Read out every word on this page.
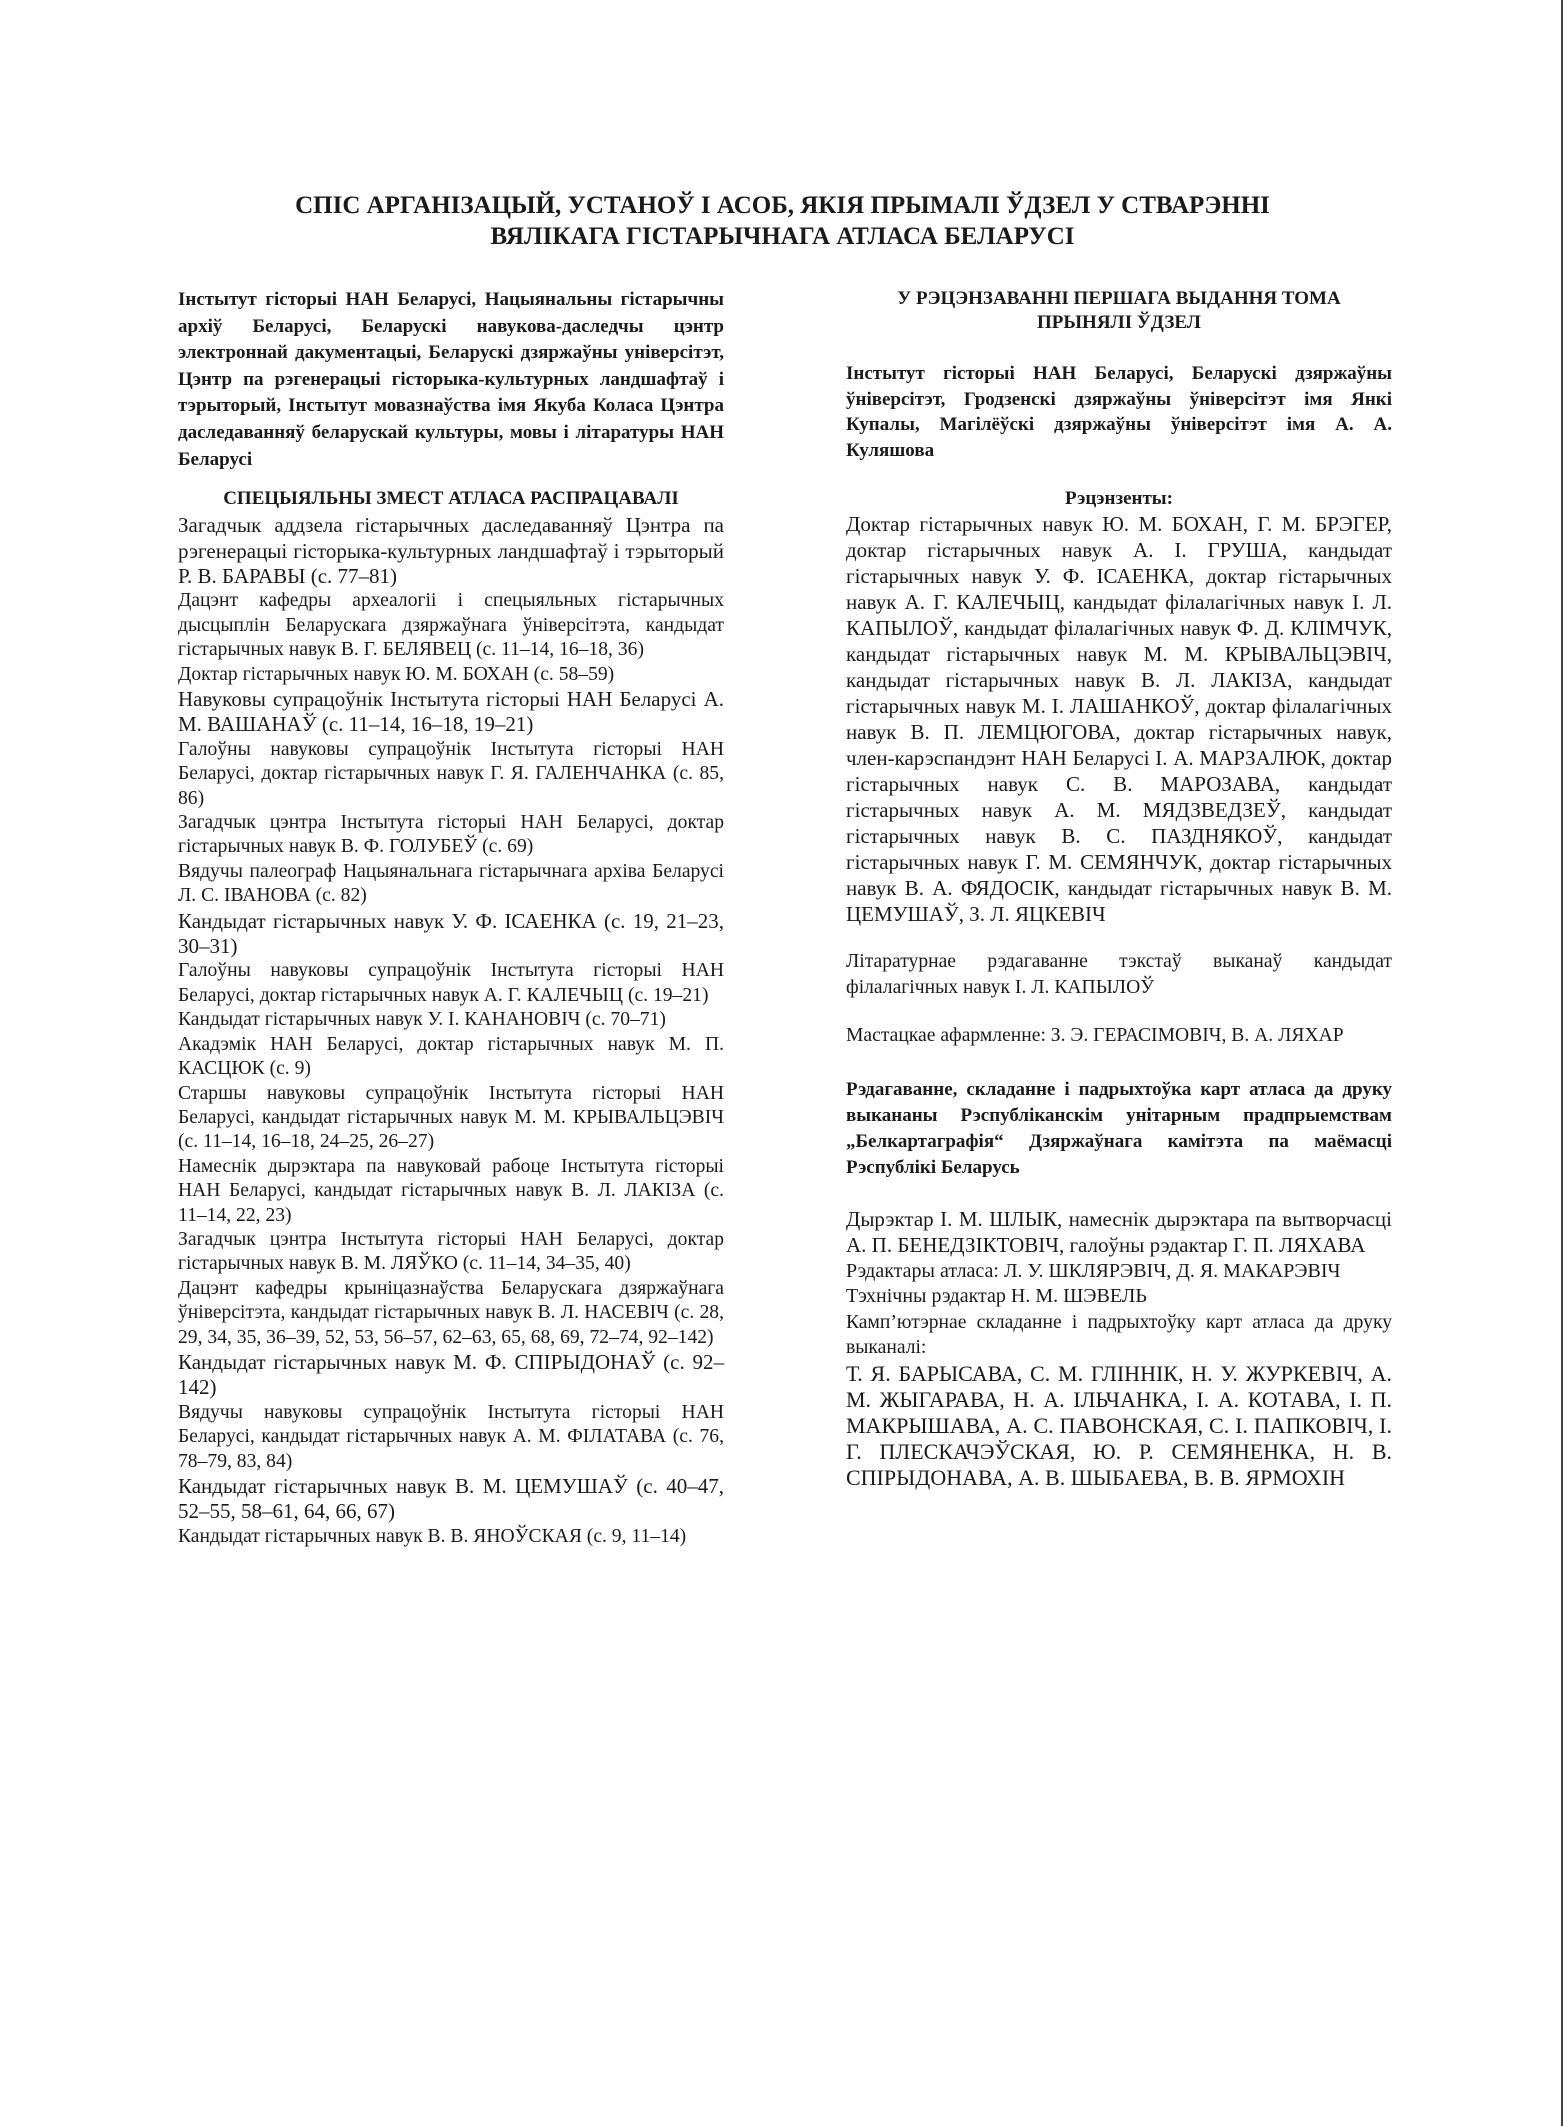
СПІС АРГАНІЗАЦЫЙ, УСТАНОЎ І АСОБ, ЯКІЯ ПРЫМАЛІ ЎДЗЕЛ У СТВАРЭННІ
ВЯЛІКАГА ГІСТАРЫЧНАГА АТЛАСА БЕЛАРУСІ

Інстытут гісторыі НАН Беларусі, Нацыянальны гістарычны архіў Беларусі, Беларускі навукова-даследчы цэнтр электроннай дакументацыі, Беларускі дзяржаўны універсітэт, Цэнтр па рэгенерацыі гісторыка-культурных ландшафтаў і тэрыторый, Інстытут мовазнаўства імя Якуба Коласа Цэнтра даследаванняў беларускай культуры, мовы і літаратуры НАН Беларусі

СПЕЦЫЯЛЬНЫ ЗМЕСТ АТЛАСА РАСПРАЦАВАЛІ

Загадчык аддзела гістарычных даследаванняў Цэнтра па рэгенерацыі гісторыка-культурных ландшафтаў і тэрыторый Р. В. БАРАВЫ (с. 77–81)

Дацэнт кафедры археалогіі і спецыяльных гістарычных дысцыплін Беларускага дзяржаўнага ўніверсітэта, кандыдат гістарычных навук В. Г. БЕЛЯВЕЦ (с. 11–14, 16–18, 36)

Доктар гістарычных навук Ю. М. БОХАН (с. 58–59)

Навуковы супрацоўнік Інстытута гісторыі НАН Беларусі А. М. ВАШАНАЎ (с. 11–14, 16–18, 19–21)

Галоўны навуковы супрацоўнік Інстытута гісторыі НАН Беларусі, доктар гістарычных навук Г. Я. ГАЛЕНЧАНКА (с. 85, 86)

Загадчык цэнтра Інстытута гісторыі НАН Беларусі, доктар гістарычных навук В. Ф. ГОЛУБЕЎ (с. 69)

Вядучы палеограф Нацыянальнага гістарычнага архіва Беларусі Л. С. ІВАНОВА (с. 82)

Кандыдат гістарычных навук У. Ф. ІСАЕНКА (с. 19, 21–23, 30–31)

Галоўны навуковы супрацоўнік Інстытута гісторыі НАН Беларусі, доктар гістарычных навук А. Г. КАЛЕЧЫЦ (с. 19–21)

Кандыдат гістарычных навук У. І. КАНАНОВІЧ (с. 70–71)

Акадэмік НАН Беларусі, доктар гістарычных навук М. П. КАСЦЮК (с. 9)

Старшы навуковы супрацоўнік Інстытута гісторыі НАН Беларусі, кандыдат гістарычных навук М. М. КРЫВАЛЬЦЭВІЧ (с. 11–14, 16–18, 24–25, 26–27)

Намеснік дырэктара па навуковай рабоце Інстытута гісторыі НАН Беларусі, кандыдат гістарычных навук В. Л. ЛАКІЗА (с. 11–14, 22, 23)

Загадчык цэнтра Інстытута гісторыі НАН Беларусі, доктар гістарычных навук В. М. ЛЯЎКО (с. 11–14, 34–35, 40)

Дацэнт кафедры крыніцазнаўства Беларускага дзяржаўнага ўніверсітэта, кандыдат гістарычных навук В. Л. НАСЕВІЧ (с. 28, 29, 34, 35, 36–39, 52, 53, 56–57, 62–63, 65, 68, 69, 72–74, 92–142)

Кандыдат гістарычных навук М. Ф. СПІРЫДОНАЎ (с. 92–142)

Вядучы навуковы супрацоўнік Інстытута гісторыі НАН Беларусі, кандыдат гістарычных навук А. М. ФІЛАТАВА (с. 76, 78–79, 83, 84)

Кандыдат гістарычных навук В. М. ЦЕМУШАЎ (с. 40–47, 52–55, 58–61, 64, 66, 67)

Кандыдат гістарычных навук В. В. ЯНОЎСКАЯ (с. 9, 11–14)

У РЭЦЭНЗАВАННІ ПЕРШАГА ВЫДАННЯ ТОМА
ПРЫНЯЛІ ЎДЗЕЛ

Інстытут гісторыі НАН Беларусі, Беларускі дзяржаўны ўніверсітэт, Гродзенскі дзяржаўны ўніверсітэт імя Янкі Купалы, Магілёўскі дзяржаўны ўніверсітэт імя А. А. Куляшова

Рэцэнзенты:

Доктар гістарычных навук Ю. М. БОХАН, Г. М. БРЭГЕР, доктар гістарычных навук А. І. ГРУША, кандыдат гістарычных навук У. Ф. ІСАЕНКА, доктар гістарычных навук А. Г. КАЛЕЧЫЦ, кандыдат філалагічных навук І. Л. КАПЫЛОЎ, кандыдат філалагічных навук Ф. Д. КЛІМЧУК, кандыдат гістарычных навук М. М. КРЫВАЛЬЦЭВІЧ, кандыдат гістарычных навук В. Л. ЛАКІЗА, кандыдат гістарычных навук М. І. ЛАШАНКОЎ, доктар філалагічных навук В. П. ЛЕМЦЮГОВА, доктар гістарычных навук, член-карэспандэнт НАН Беларусі І. А. МАРЗАЛЮК, доктар гістарычных навук С. В. МАРОЗАВА, кандыдат гістарычных навук А. М. МЯДЗВЕДЗЕЎ, кандыдат гістарычных навук В. С. ПАЗДНЯКОЎ, кандыдат гістарычных навук Г. М. СЕМЯНЧУК, доктар гістарычных навук В. А. ФЯДОСІК, кандыдат гістарычных навук В. М. ЦЕМУШАЎ, З. Л. ЯЦКЕВІЧ

Літаратурнае рэдагаванне тэкстаў выканаў кандыдат філалагічных навук І. Л. КАПЫЛОЎ

Мастацкае афармленне: З. Э. ГЕРАСІМОВІЧ, В. А. ЛЯХАР

Рэдагаванне, складанне і падрыхтоўка карт атласа да друку выкананы Рэспубліканскім унітарным прадпрыемствам „Белкартаграфія“ Дзяржаўнага камітэта па маёмасці Рэспублікі Беларусь

Дырэктар І. М. ШЛЫК, намеснік дырэктара па вытворчасці А. П. БЕНЕДЗІКТОВІЧ, галоўны рэдактар Г. П. ЛЯХАВА

Рэдактары атласа: Л. У. ШКЛЯРЭВІЧ, Д. Я. МАКАРЭВІЧ

Тэхнічны рэдактар Н. М. ШЭВЕЛЬ

Камп’ютэрнае складанне і падрыхтоўку карт атласа да друку выканалі:

Т. Я. БАРЫСАВА, С. М. ГЛІННІК, Н. У. ЖУРКЕВІЧ, А. М. ЖЫГАРАВА, Н. А. ІЛЬЧАНКА, І. А. КОТАВА, І. П. МАКРЫШАВА, А. С. ПАВОНСКАЯ, С. І. ПАПКОВІЧ, І. Г. ПЛЕСКАЧЭЎСКАЯ, Ю. Р. СЕМЯНЕНКА, Н. В. СПІРЫДОНАВА, А. В. ШЫБАЕВА, В. В. ЯРМОХІН
